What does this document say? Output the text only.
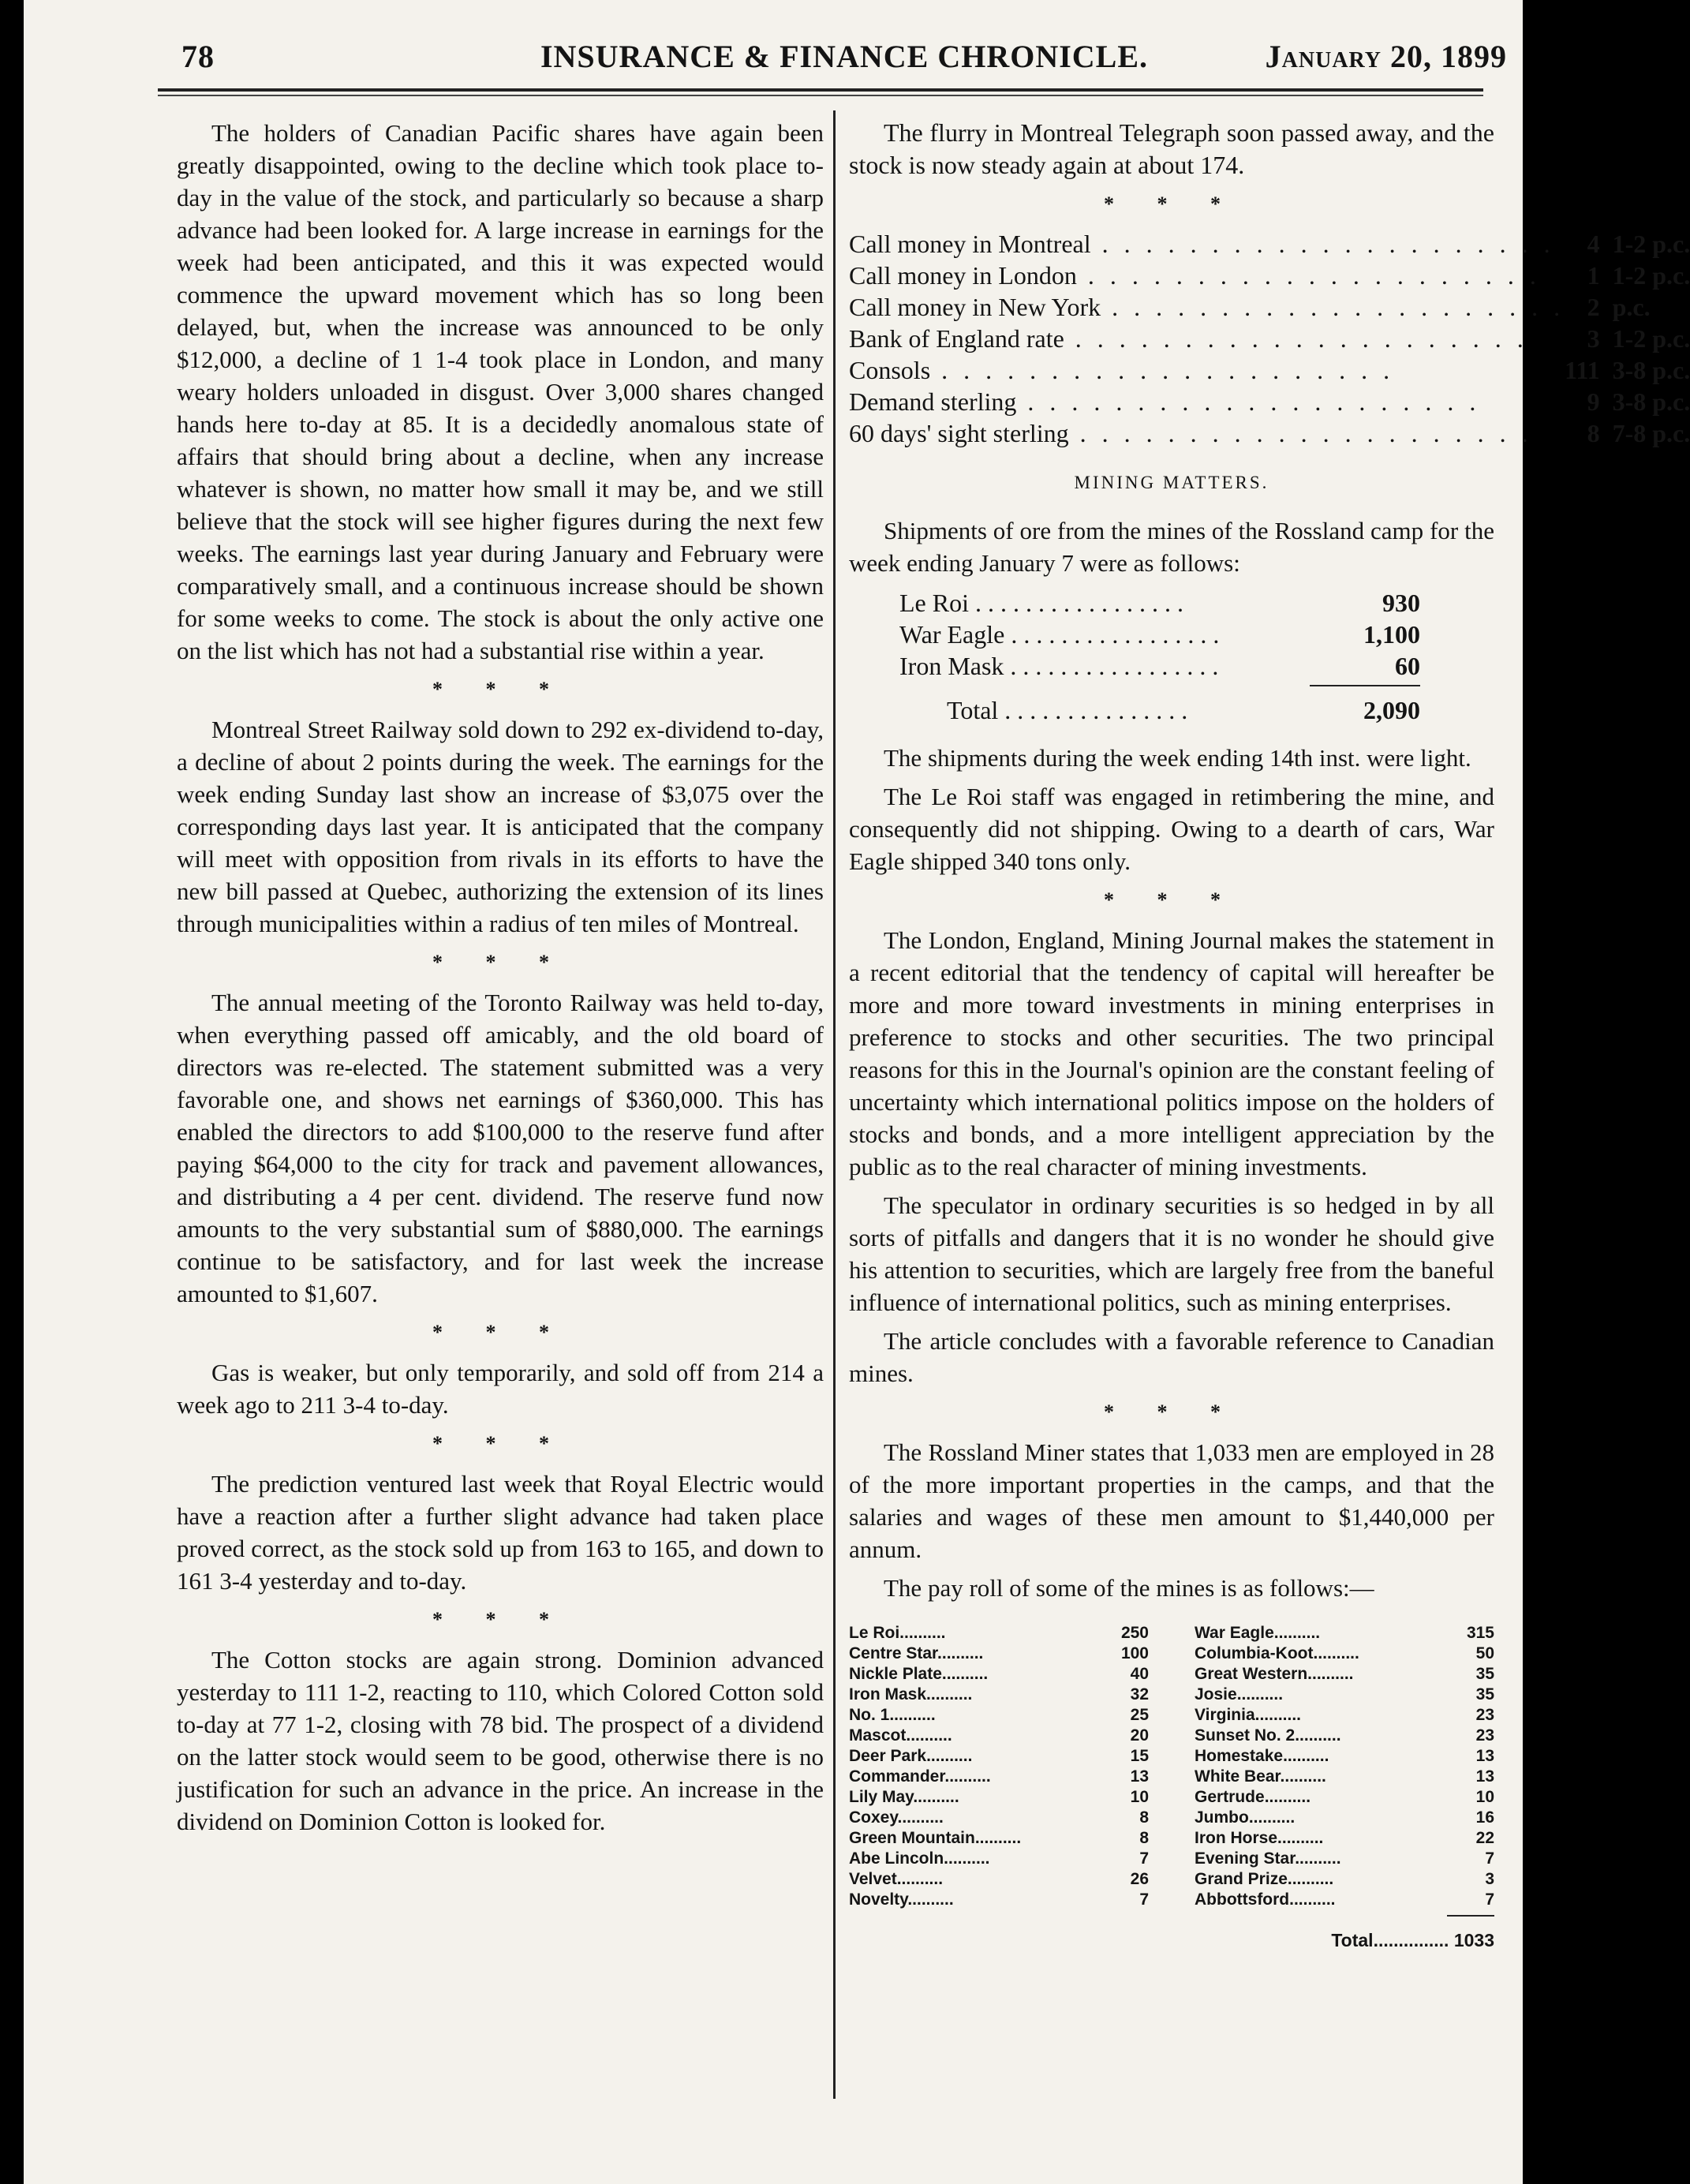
78	INSURANCE & FINANCE CHRONICLE.	January 20, 1899

The holders of Canadian Pacific shares have again been greatly disappointed, owing to the decline which took place to-day in the value of the stock, and particularly so because a sharp advance had been looked for. A large increase in earnings for the week had been anticipated, and this it was expected would commence the upward movement which has so long been delayed, but, when the increase was announced to be only $12,000, a decline of 1 1-4 took place in London, and many weary holders unloaded in disgust. Over 3,000 shares changed hands here to-day at 85. It is a decidedly anomalous state of affairs that should bring about a decline, when any increase whatever is shown, no matter how small it may be, and we still believe that the stock will see higher figures during the next few weeks. The earnings last year during January and February were comparatively small, and a continuous increase should be shown for some weeks to come. The stock is about the only active one on the list which has not had a substantial rise within a year.

* * *

Montreal Street Railway sold down to 292 ex-dividend to-day, a decline of about 2 points during the week. The earnings for the week ending Sunday last show an increase of $3,075 over the corresponding days last year. It is anticipated that the company will meet with opposition from rivals in its efforts to have the new bill passed at Quebec, authorizing the extension of its lines through municipalities within a radius of ten miles of Montreal.

* * *

The annual meeting of the Toronto Railway was held to-day, when everything passed off amicably, and the old board of directors was re-elected. The statement submitted was a very favorable one, and shows net earnings of $360,000. This has enabled the directors to add $100,000 to the reserve fund after paying $64,000 to the city for track and pavement allowances, and distributing a 4 per cent. dividend. The reserve fund now amounts to the very substantial sum of $880,000. The earnings continue to be satisfactory, and for last week the increase amounted to $1,607.

* * *

Gas is weaker, but only temporarily, and sold off from 214 a week ago to 211 3-4 to-day.

* * *

The prediction ventured last week that Royal Electric would have a reaction after a further slight advance had taken place proved correct, as the stock sold up from 163 to 165, and down to 161 3-4 yesterday and to-day.

* * *

The Cotton stocks are again strong. Dominion advanced yesterday to 111 1-2, reacting to 110, which Colored Cotton sold to-day at 77 1-2, closing with 78 bid. The prospect of a dividend on the latter stock would seem to be good, otherwise there is no justification for such an advance in the price. An increase in the dividend on Dominion Cotton is looked for.

The flurry in Montreal Telegraph soon passed away, and the stock is now steady again at about 174.

* * *
Call money in Montreal . . . . . . . . . . . . . . . . . . . . .	4	1-2 p.c.
Call money in London . . . . . . . . . . . . . . . . . . . . .	1	1-2 p.c.
Call money in New York . . . . . . . . . . . . . . . . . . . . .	2	p.c.
Bank of England rate . . . . . . . . . . . . . . . . . . . . .	3	1-2 p.c.
Consols . . . . . . . . . . . . . . . . . . . . .	111	3-8 p.c.
Demand sterling . . . . . . . . . . . . . . . . . . . . .	9	3-8 p.c.
60 days' sight sterling . . . . . . . . . . . . . . . . . . . . .	8	7-8 p.c.
MINING MATTERS.

Shipments of ore from the mines of the Rossland camp for the week ending January 7 were as follows:

Le Roi . . . . . . . . . . . . . . . . .	930
War Eagle . . . . . . . . . . . . . . . . .	1,100
Iron Mask . . . . . . . . . . . . . . . . .	60
Total . . . . . . . . . . . . . . .	2,090

The shipments during the week ending 14th inst. were light.

The Le Roi staff was engaged in retimbering the mine, and consequently did not shipping. Owing to a dearth of cars, War Eagle shipped 340 tons only.

* * *

The London, England, Mining Journal makes the statement in a recent editorial that the tendency of capital will hereafter be more and more toward investments in mining enterprises in preference to stocks and other securities. The two principal reasons for this in the Journal's opinion are the constant feeling of uncertainty which international politics impose on the holders of stocks and bonds, and a more intelligent appreciation by the public as to the real character of mining investments.

The speculator in ordinary securities is so hedged in by all sorts of pitfalls and dangers that it is no wonder he should give his attention to securities, which are largely free from the baneful influence of international politics, such as mining enterprises.

The article concludes with a favorable reference to Canadian mines.

* * *

The Rossland Miner states that 1,033 men are employed in 28 of the more important properties in the camps, and that the salaries and wages of these men amount to $1,440,000 per annum.

The pay roll of some of the mines is as follows:—

Le Roi..........	250
Centre Star..........	100
Nickle Plate..........	40
Iron Mask..........	32
No. 1..........	25
Mascot..........	20
Deer Park..........	15
Commander..........	13
Lily May..........	10
Coxey..........	8
Green Mountain..........	8
Abe Lincoln..........	7
Velvet..........	26
Novelty..........	7
War Eagle..........	315
Columbia-Koot..........	50
Great Western..........	35
Josie..........	35
Virginia..........	23
Sunset No. 2..........	23
Homestake..........	13
White Bear..........	13
Gertrude..........	10
Jumbo..........	16
Iron Horse..........	22
Evening Star..........	7
Grand Prize..........	3
Abbottsford..........	7
Total............... 1033
